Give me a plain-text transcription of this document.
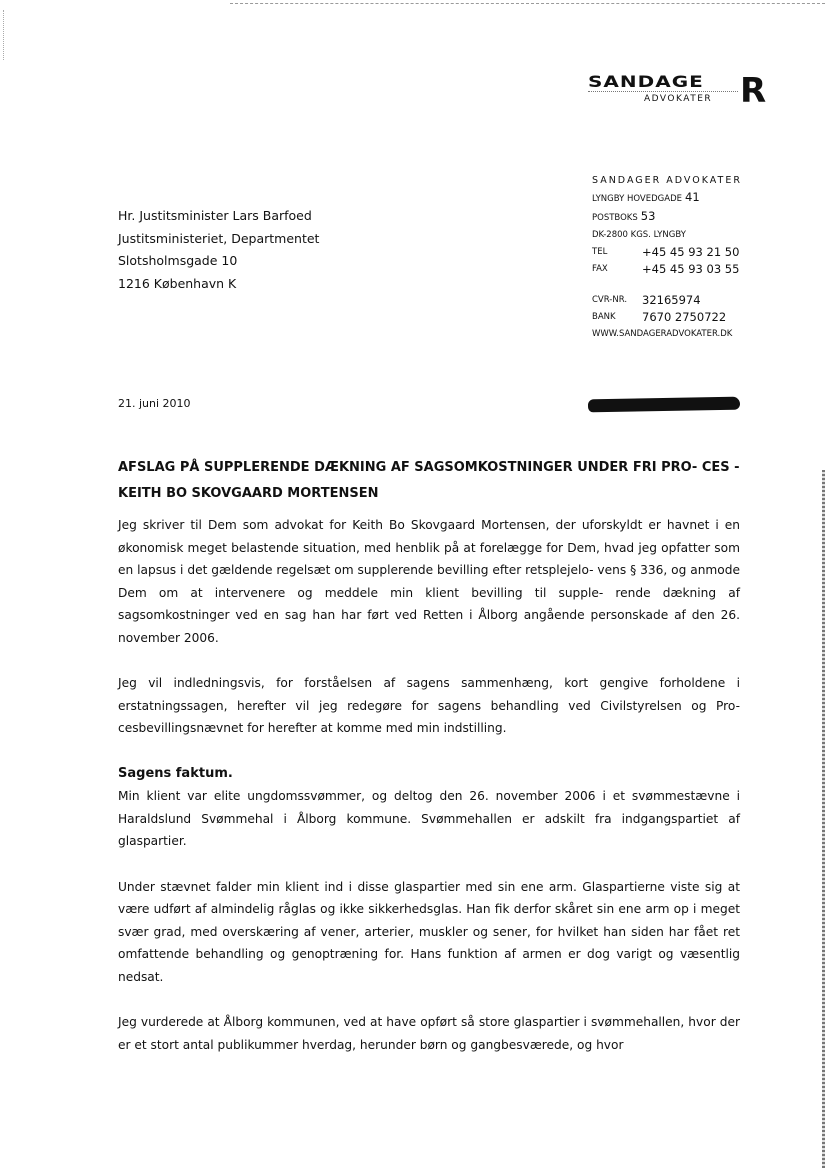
SANDAGE
ADVOKATER R
SANDAGER ADVOKATER
LYNGBY HOVEDGADE 41
POSTBOKS 53
DK-2800 KGS. LYNGBY
TEL	+45 45 93 21 50
FAX	+45 45 93 03 55
CVR-NR.	32165974
BANK	7670 2750722
WWW.SANDAGERADVOKATER.DK
Hr. Justitsminister Lars Barfoed
Justitsministeriet, Departmentet
Slotsholmsgade 10
1216 København K
21. juni 2010
AFSLAG PÅ SUPPLERENDE DÆKNING AF SAGSOMKOSTNINGER UNDER FRI PRO- CES - KEITH BO SKOVGAARD MORTENSEN

Jeg skriver til Dem som advokat for Keith Bo Skovgaard Mortensen, der uforskyldt er havnet i en økonomisk meget belastende situation, med henblik på at forelægge for Dem, hvad jeg opfatter som en lapsus i det gældende regelsæt om supplerende bevilling efter retsplejelo- vens § 336, og anmode Dem om at intervenere og meddele min klient bevilling til supple- rende dækning af sagsomkostninger ved en sag han har ført ved Retten i Ålborg angående personskade af den 26. november 2006.

Jeg vil indledningsvis, for forståelsen af sagens sammenhæng, kort gengive forholdene i erstatningssagen, herefter vil jeg redegøre for sagens behandling ved Civilstyrelsen og Pro- cesbevillingsnævnet for herefter at komme med min indstilling.

Sagens faktum.

Min klient var elite ungdomssvømmer, og deltog den 26. november 2006 i et svømmestævne i Haraldslund Svømmehal i Ålborg kommune. Svømmehallen er adskilt fra indgangspartiet af glaspartier.

Under stævnet falder min klient ind i disse glaspartier med sin ene arm. Glaspartierne viste sig at være udført af almindelig råglas og ikke sikkerhedsglas. Han fik derfor skåret sin ene arm op i meget svær grad, med overskæring af vener, arterier, muskler og sener, for hvilket han siden har fået ret omfattende behandling og genoptræning for. Hans funktion af armen er dog varigt og væsentlig nedsat.

Jeg vurderede at Ålborg kommunen, ved at have opført så store glaspartier i svømmehallen, hvor der er et stort antal publikummer hverdag, herunder børn og gangbesværede, og hvor
